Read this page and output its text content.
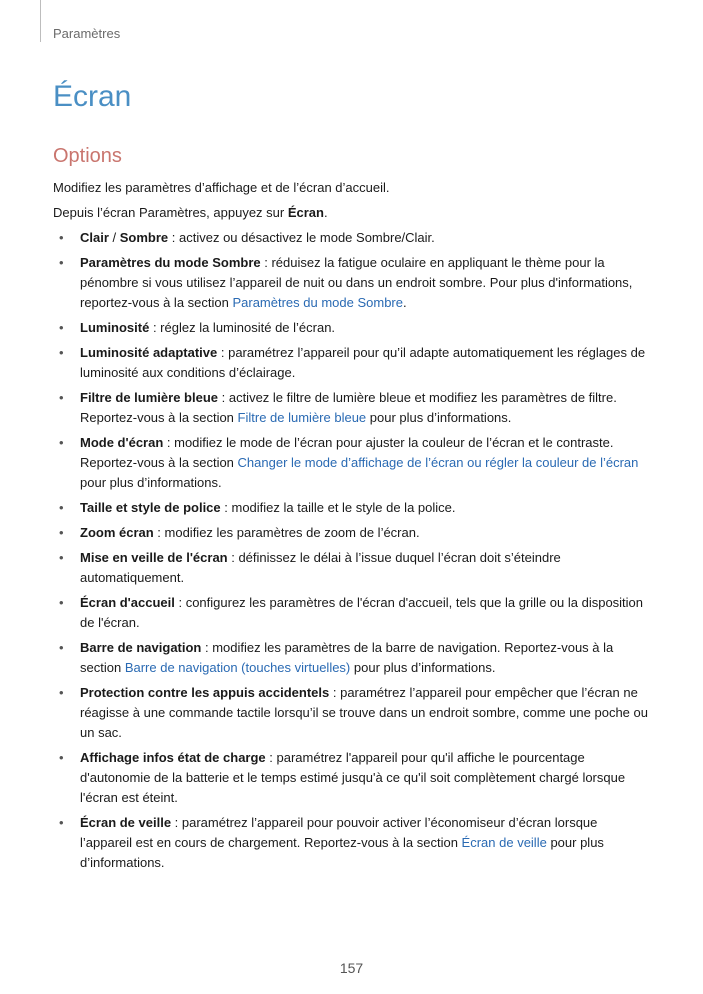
Paramètres
Écran
Options

Modifiez les paramètres d’affichage et de l’écran d’accueil.

Depuis l’écran Paramètres, appuyez sur Écran.

• Clair / Sombre : activez ou désactivez le mode Sombre/Clair.
• Paramètres du mode Sombre : réduisez la fatigue oculaire en appliquant le thème pour la pénombre si vous utilisez l’appareil de nuit ou dans un endroit sombre. Pour plus d'informations, reportez-vous à la section Paramètres du mode Sombre.
• Luminosité : réglez la luminosité de l’écran.
• Luminosité adaptative : paramétrez l’appareil pour qu’il adapte automatiquement les réglages de luminosité aux conditions d’éclairage.
• Filtre de lumière bleue : activez le filtre de lumière bleue et modifiez les paramètres de filtre. Reportez-vous à la section Filtre de lumière bleue pour plus d’informations.
• Mode d'écran : modifiez le mode de l’écran pour ajuster la couleur de l’écran et le contraste. Reportez-vous à la section Changer le mode d’affichage de l’écran ou régler la couleur de l’écran pour plus d’informations.
• Taille et style de police : modifiez la taille et le style de la police.
• Zoom écran : modifiez les paramètres de zoom de l’écran.
• Mise en veille de l'écran : définissez le délai à l’issue duquel l’écran doit s’éteindre automatiquement.
• Écran d'accueil : configurez les paramètres de l'écran d'accueil, tels que la grille ou la disposition de l'écran.
• Barre de navigation : modifiez les paramètres de la barre de navigation. Reportez-vous à la section Barre de navigation (touches virtuelles) pour plus d’informations.
• Protection contre les appuis accidentels : paramétrez l’appareil pour empêcher que l’écran ne réagisse à une commande tactile lorsqu’il se trouve dans un endroit sombre, comme une poche ou un sac.
• Affichage infos état de charge : paramétrez l'appareil pour qu'il affiche le pourcentage d'autonomie de la batterie et le temps estimé jusqu'à ce qu'il soit complètement chargé lorsque l'écran est éteint.
• Écran de veille : paramétrez l’appareil pour pouvoir activer l’économiseur d’écran lorsque l’appareil est en cours de chargement. Reportez-vous à la section Écran de veille pour plus d’informations.
157
